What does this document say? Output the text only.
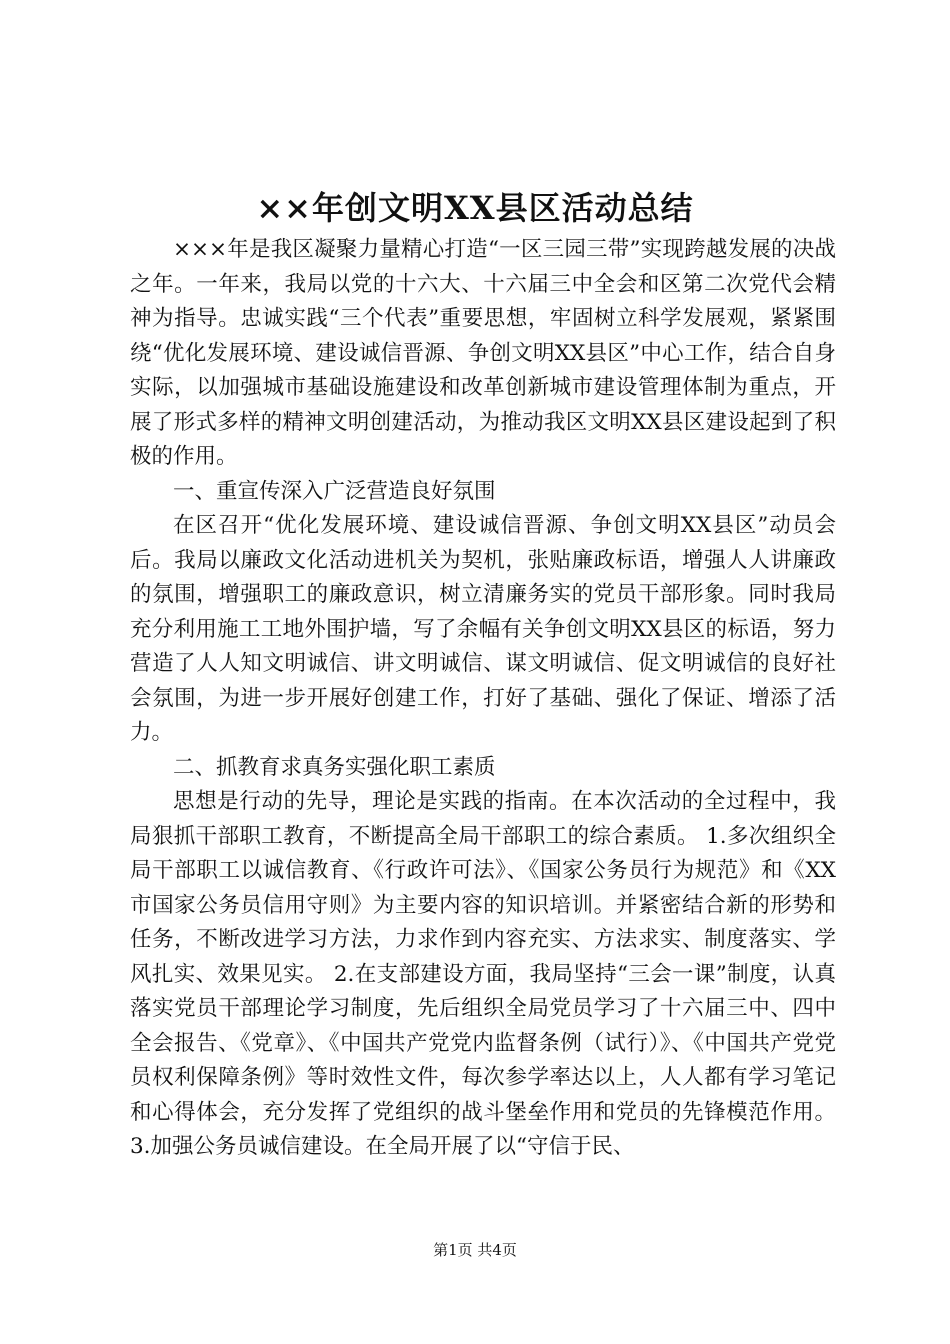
××年创文明XX县区活动总结

×××年是我区凝聚力量精心打造“一区三园三带”实现跨越发展的决战之年。一年来，我局以党的十六大、十六届三中全会和区第二次党代会精神为指导。忠诚实践“三个代表”重要思想，牢固树立科学发展观，紧紧围绕“优化发展环境、建设诚信晋源、争创文明XX县区”中心工作，结合自身实际，以加强城市基础设施建设和改革创新城市建设管理体制为重点，开展了形式多样的精神文明创建活动，为推动我区文明XX县区建设起到了积极的作用。

一、重宣传深入广泛营造良好氛围

在区召开“优化发展环境、建设诚信晋源、争创文明XX县区”动员会后。我局以廉政文化活动进机关为契机，张贴廉政标语，增强人人讲廉政的氛围，增强职工的廉政意识，树立清廉务实的党员干部形象。同时我局充分利用施工工地外围护墙，写了余幅有关争创文明XX县区的标语，努力营造了人人知文明诚信、讲文明诚信、谋文明诚信、促文明诚信的良好社会氛围，为进一步开展好创建工作，打好了基础、强化了保证、增添了活力。

二、抓教育求真务实强化职工素质

思想是行动的先导，理论是实践的指南。在本次活动的全过程中，我局狠抓干部职工教育，不断提高全局干部职工的综合素质。 1.多次组织全局干部职工以诚信教育、《行政许可法》、《国家公务员行为规范》和《XX市国家公务员信用守则》为主要内容的知识培训。并紧密结合新的形势和任务，不断改进学习方法，力求作到内容充实、方法求实、制度落实、学风扎实、效果见实。 2.在支部建设方面，我局坚持“三会一课”制度，认真落实党员干部理论学习制度，先后组织全局党员学习了十六届三中、四中全会报告、《党章》、《中国共产党党内监督条例（试行）》、《中国共产党党员权利保障条例》等时效性文件，每次参学率达以上，人人都有学习笔记和心得体会，充分发挥了党组织的战斗堡垒作用和党员的先锋模范作用。 3.加强公务员诚信建设。在全局开展了以“守信于民、

第1页 共4页
